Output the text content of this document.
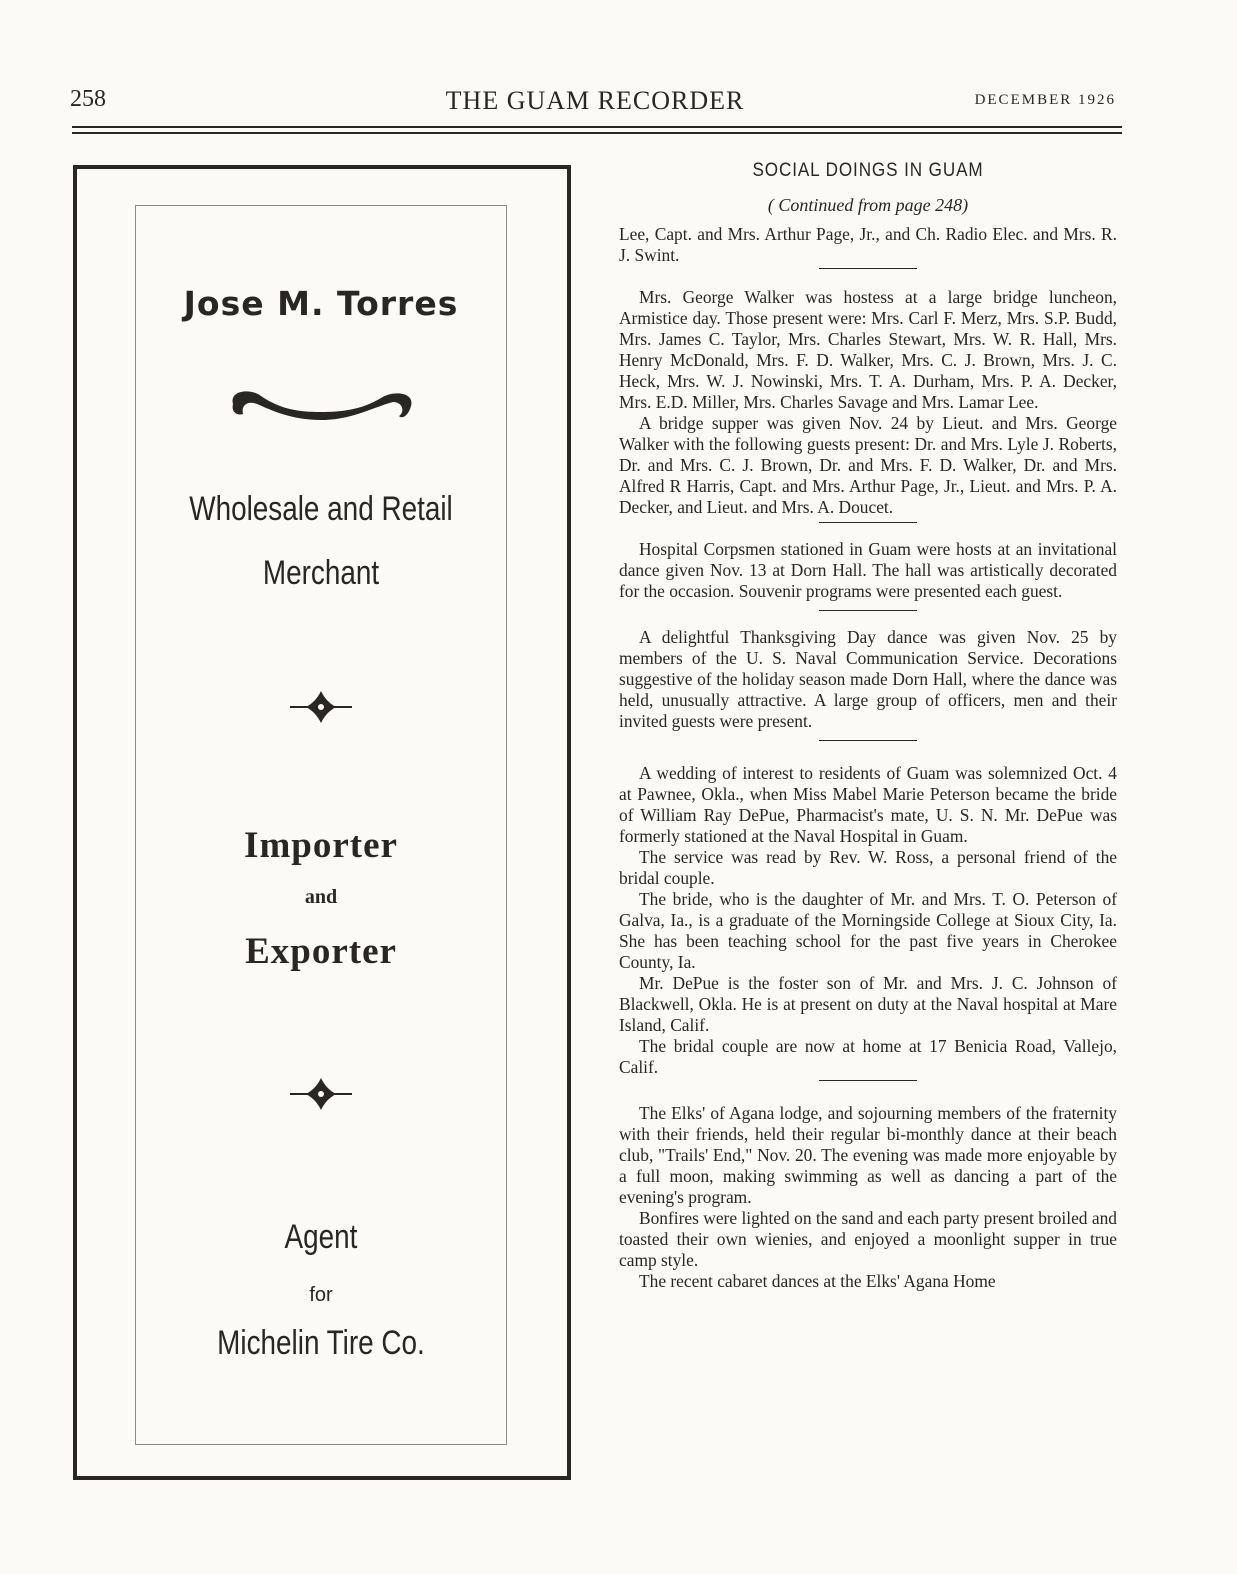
258	THE GUAM RECORDER	DECEMBER 1926
Jose M. Torres
Wholesale and Retail
Merchant
Importer
and
Exporter
Agent
for
Michelin Tire Co.
SOCIAL DOINGS IN GUAM
( Continued from page 248)

Lee, Capt. and Mrs. Arthur Page, Jr., and Ch. Radio Elec. and Mrs. R. J. Swint.

Mrs. George Walker was hostess at a large bridge luncheon, Armistice day. Those present were: Mrs. Carl F. Merz, Mrs. S.P. Budd, Mrs. James C. Taylor, Mrs. Charles Stewart, Mrs. W. R. Hall, Mrs. Henry McDonald, Mrs. F. D. Walker, Mrs. C. J. Brown, Mrs. J. C. Heck, Mrs. W. J. Nowinski, Mrs. T. A. Durham, Mrs. P. A. Decker, Mrs. E.D. Miller, Mrs. Charles Savage and Mrs. Lamar Lee.

A bridge supper was given Nov. 24 by Lieut. and Mrs. George Walker with the following guests present: Dr. and Mrs. Lyle J. Roberts, Dr. and Mrs. C. J. Brown, Dr. and Mrs. F. D. Walker, Dr. and Mrs. Alfred R Harris, Capt. and Mrs. Arthur Page, Jr., Lieut. and Mrs. P. A. Decker, and Lieut. and Mrs. A. Doucet.

Hospital Corpsmen stationed in Guam were hosts at an invitational dance given Nov. 13 at Dorn Hall. The hall was artistically decorated for the occasion. Souvenir programs were presented each guest.

A delightful Thanksgiving Day dance was given Nov. 25 by members of the U. S. Naval Communication Service. Decorations suggestive of the holiday season made Dorn Hall, where the dance was held, unusually attractive. A large group of officers, men and their invited guests were present.

A wedding of interest to residents of Guam was solemnized Oct. 4 at Pawnee, Okla., when Miss Mabel Marie Peterson became the bride of William Ray DePue, Pharmacist's mate, U. S. N. Mr. DePue was formerly stationed at the Naval Hospital in Guam.

The service was read by Rev. W. Ross, a personal friend of the bridal couple.

The bride, who is the daughter of Mr. and Mrs. T. O. Peterson of Galva, Ia., is a graduate of the Morningside College at Sioux City, Ia. She has been teaching school for the past five years in Cherokee County, Ia.

Mr. DePue is the foster son of Mr. and Mrs. J. C. Johnson of Blackwell, Okla. He is at present on duty at the Naval hospital at Mare Island, Calif.

The bridal couple are now at home at 17 Benicia Road, Vallejo, Calif.

The Elks' of Agana lodge, and sojourning members of the fraternity with their friends, held their regular bi-monthly dance at their beach club, "Trails' End," Nov. 20. The evening was made more enjoyable by a full moon, making swimming as well as dancing a part of the evening's program.

Bonfires were lighted on the sand and each party present broiled and toasted their own wienies, and enjoyed a moonlight supper in true camp style.

The recent cabaret dances at the Elks' Agana Home
